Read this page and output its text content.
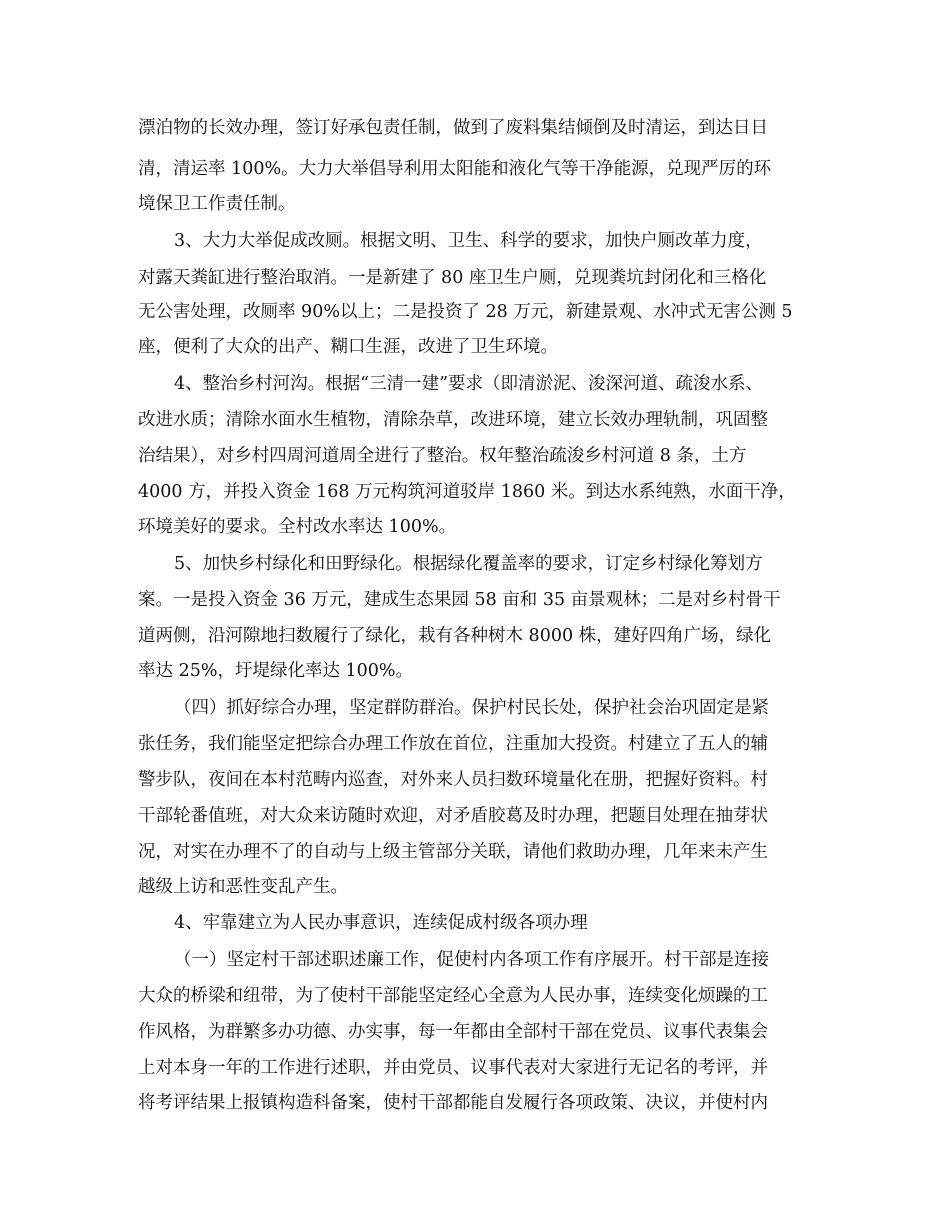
漂泊物的长效办理，签订好承包责任制，做到了废料集结倾倒及时清运，到达日日
清，清运率 100%。大力大举倡导利用太阳能和液化气等干净能源，兑现严厉的环
境保卫工作责任制。
3、大力大举促成改厕。根据文明、卫生、科学的要求，加快户厕改革力度，
对露天粪缸进行整治取消。一是新建了 80 座卫生户厕，兑现粪坑封闭化和三格化
无公害处理，改厕率 90%以上；二是投资了 28 万元，新建景观、水冲式无害公测 5
座，便利了大众的出产、糊口生涯，改进了卫生环境。
4、整治乡村河沟。根据“三清一建”要求（即清淤泥、浚深河道、疏浚水系、
改进水质；清除水面水生植物，清除杂草，改进环境，建立长效办理轨制，巩固整
治结果），对乡村四周河道周全进行了整治。权年整治疏浚乡村河道 8 条，土方
4000 方，并投入资金 168 万元构筑河道驳岸 1860 米。到达水系纯熟，水面干净，
环境美好的要求。全村改水率达 100%。
5、加快乡村绿化和田野绿化。根据绿化覆盖率的要求，订定乡村绿化筹划方
案。一是投入资金 36 万元，建成生态果园 58 亩和 35 亩景观林；二是对乡村骨干
道两侧，沿河隙地扫数履行了绿化，栽有各种树木 8000 株，建好四角广场，绿化
率达 25%，圩堤绿化率达 100%。
（四）抓好综合办理，坚定群防群治。保护村民长处，保护社会治巩固定是紧
张任务，我们能坚定把综合办理工作放在首位，注重加大投资。村建立了五人的辅
警步队，夜间在本村范畴内巡查，对外来人员扫数环境量化在册，把握好资料。村
干部轮番值班，对大众来访随时欢迎，对矛盾胶葛及时办理，把题目处理在抽芽状
况，对实在办理不了的自动与上级主管部分关联，请他们救助办理，几年来未产生
越级上访和恶性变乱产生。
4、牢靠建立为人民办事意识，连续促成村级各项办理
（一）坚定村干部述职述廉工作，促使村内各项工作有序展开。村干部是连接
大众的桥梁和纽带，为了使村干部能坚定经心全意为人民办事，连续变化烦躁的工
作风格，为群繁多办功德、办实事，每一年都由全部村干部在党员、议事代表集会
上对本身一年的工作进行述职，并由党员、议事代表对大家进行无记名的考评，并
将考评结果上报镇构造科备案，使村干部都能自发履行各项政策、决议，并使村内
